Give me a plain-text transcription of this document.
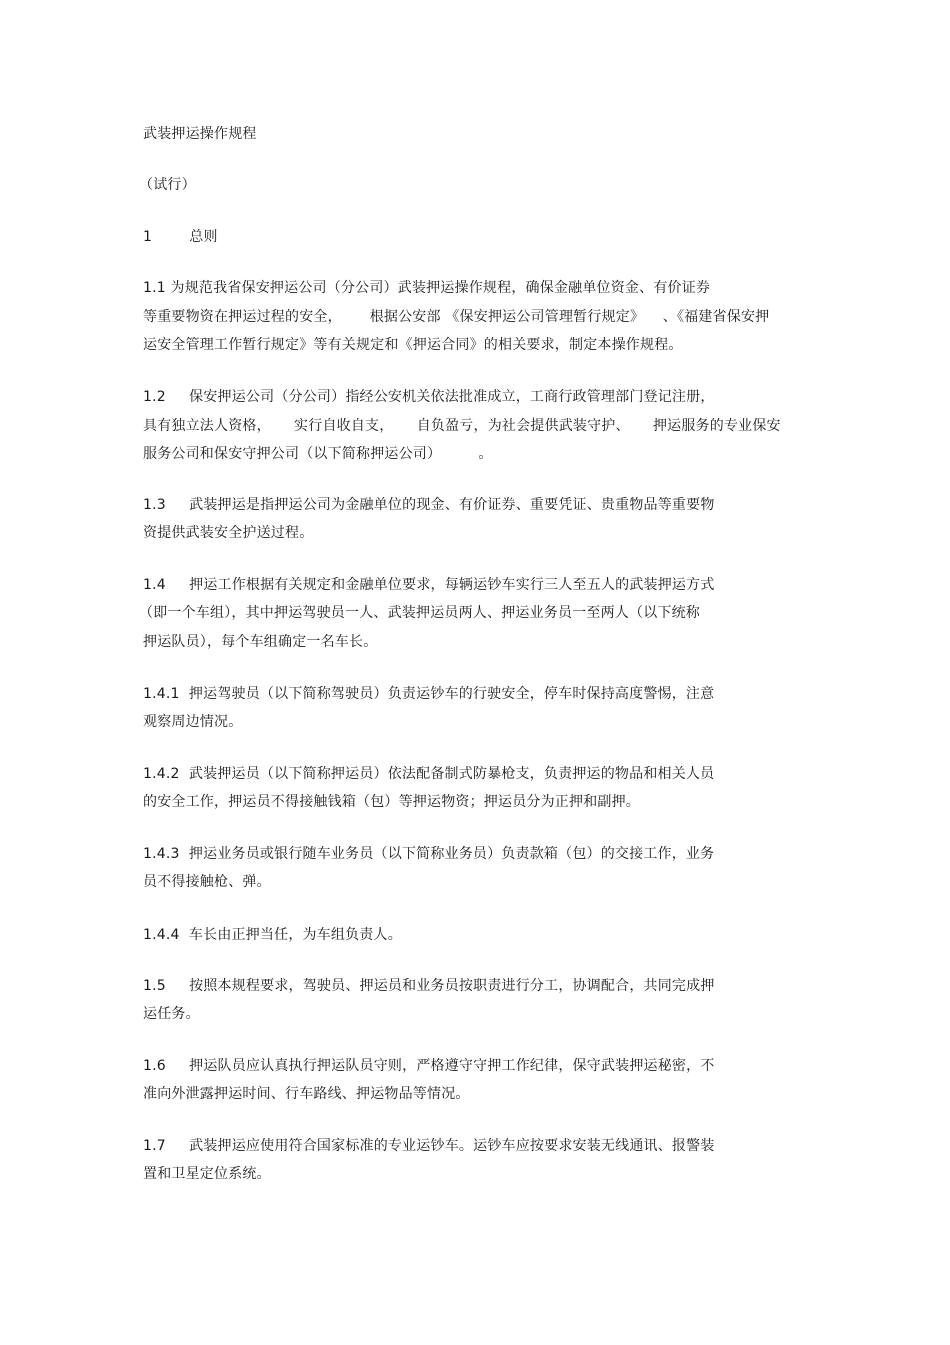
武装押运操作规程
（试行）
1        总则
1.1 为规范我省保安押运公司（分公司）武装押运操作规程，确保金融单位资金、有价证券
等重要物资在押运过程的安全，      根据公安部 《保安押运公司管理暂行规定》    、《福建省保安押
运安全管理工作暂行规定》等有关规定和《押运合同》的相关要求，制定本操作规程。
1.2     保安押运公司（分公司）指经公安机关依法批准成立，工商行政管理部门登记注册，
具有独立法人资格，     实行自收自支，     自负盈亏，为社会提供武装守护、     押运服务的专业保安
服务公司和保安守押公司（以下简称押运公司）        。
1.3     武装押运是指押运公司为金融单位的现金、有价证券、重要凭证、贵重物品等重要物
资提供武装安全护送过程。
1.4     押运工作根据有关规定和金融单位要求，每辆运钞车实行三人至五人的武装押运方式
（即一个车组），其中押运驾驶员一人、武装押运员两人、押运业务员一至两人（以下统称
押运队员），每个车组确定一名车长。
1.4.1  押运驾驶员（以下简称驾驶员）负责运钞车的行驶安全，停车时保持高度警惕，注意
观察周边情况。
1.4.2  武装押运员（以下简称押运员）依法配备制式防暴枪支，负责押运的物品和相关人员
的安全工作，押运员不得接触钱箱（包）等押运物资；押运员分为正押和副押。
1.4.3  押运业务员或银行随车业务员（以下简称业务员）负责款箱（包）的交接工作，业务
员不得接触枪、弹。
1.4.4  车长由正押当任，为车组负责人。
1.5     按照本规程要求，驾驶员、押运员和业务员按职责进行分工，协调配合，共同完成押
运任务。
1.6     押运队员应认真执行押运队员守则，严格遵守守押工作纪律，保守武装押运秘密，不
准向外泄露押运时间、行车路线、押运物品等情况。
1.7     武装押运应使用符合国家标准的专业运钞车。运钞车应按要求安装无线通讯、报警装
置和卫星定位系统。
